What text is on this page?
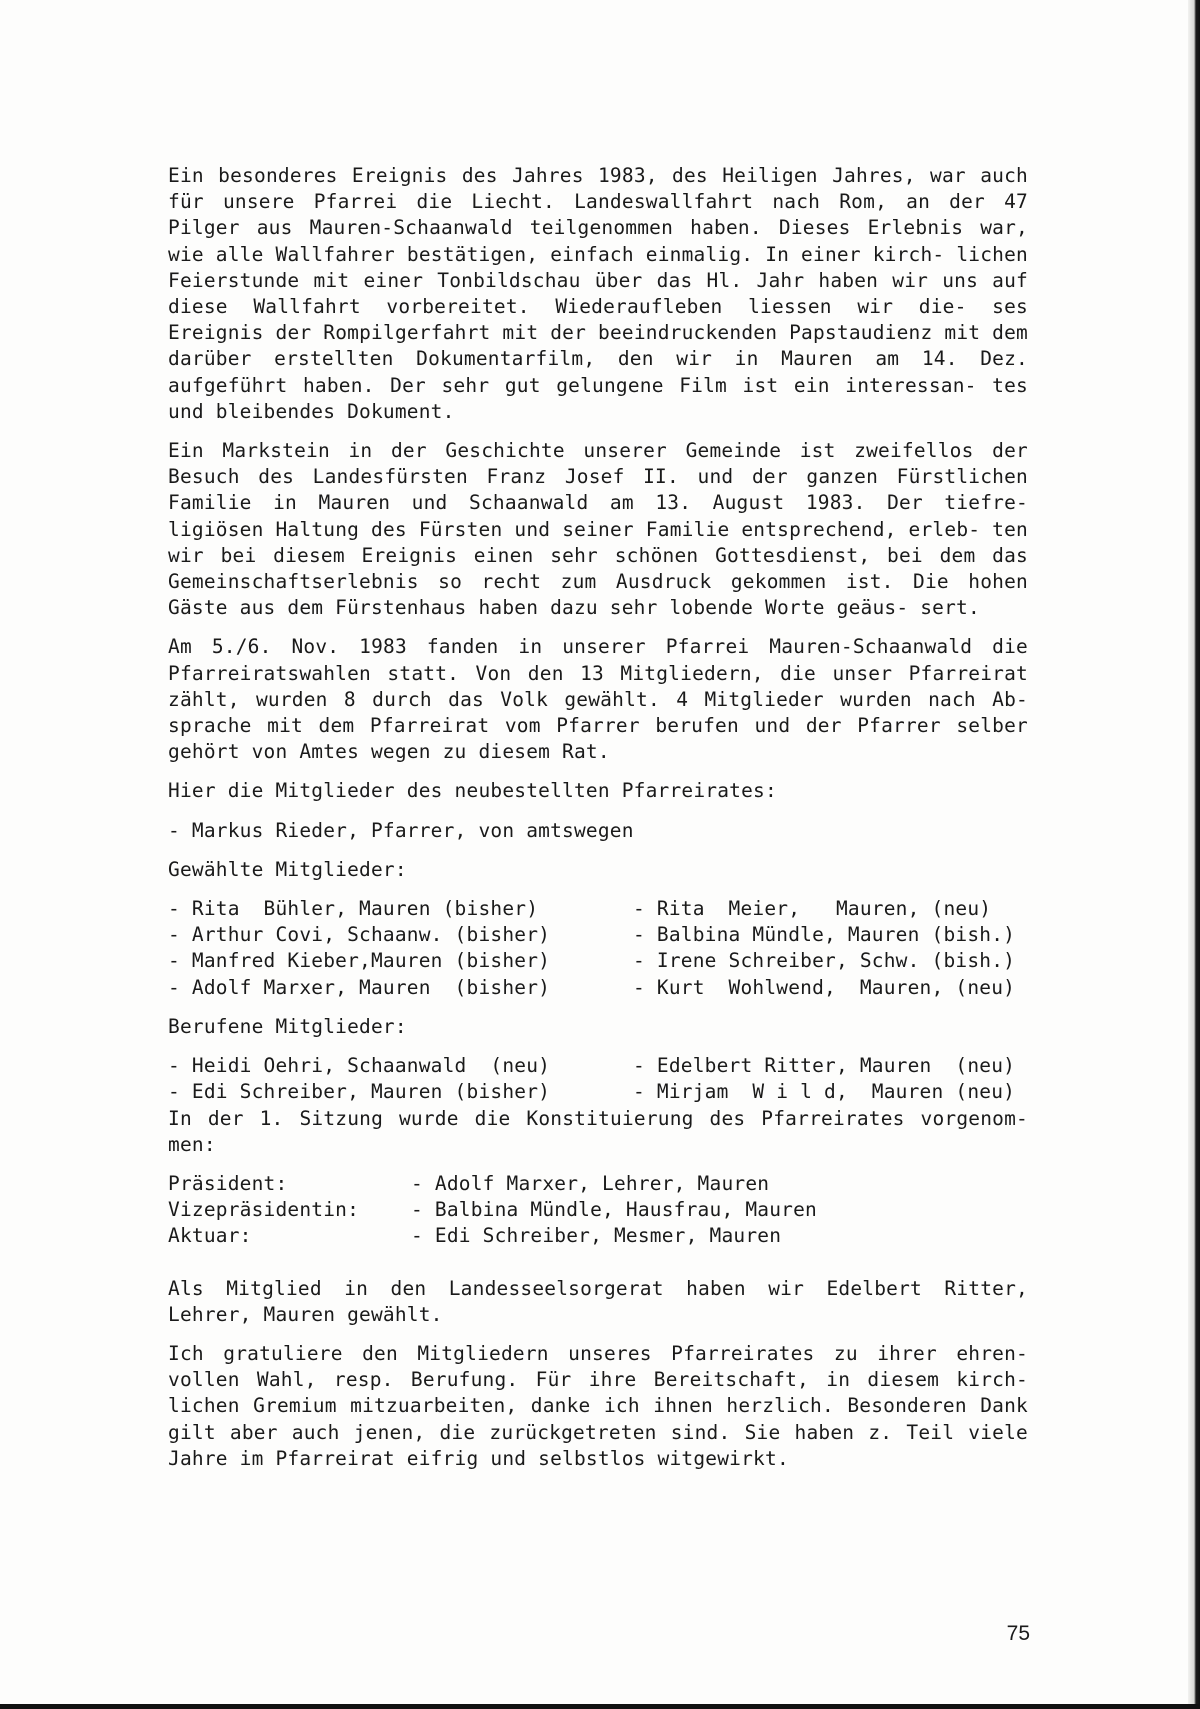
Ein besonderes Ereignis des Jahres 1983, des Heiligen Jahres, war auch für unsere Pfarrei die Liecht. Landeswallfahrt nach Rom, an der 47 Pilger aus Mauren-Schaanwald teilgenommen haben. Dieses Erlebnis war, wie alle Wallfahrer bestätigen, einfach einmalig. In einer kirch- lichen Feierstunde mit einer Tonbildschau über das Hl. Jahr haben wir uns auf diese Wallfahrt vorbereitet. Wiederaufleben liessen wir die- ses Ereignis der Rompilgerfahrt mit der beeindruckenden Papstaudienz mit dem darüber erstellten Dokumentarfilm, den wir in Mauren am 14. Dez. aufgeführt haben. Der sehr gut gelungene Film ist ein interessan- tes und bleibendes Dokument.

Ein Markstein in der Geschichte unserer Gemeinde ist zweifellos der Besuch des Landesfürsten Franz Josef II. und der ganzen Fürstlichen Familie in Mauren und Schaanwald am 13. August 1983. Der tiefre- ligiösen Haltung des Fürsten und seiner Familie entsprechend, erleb- ten wir bei diesem Ereignis einen sehr schönen Gottesdienst, bei dem das Gemeinschaftserlebnis so recht zum Ausdruck gekommen ist. Die hohen Gäste aus dem Fürstenhaus haben dazu sehr lobende Worte geäus- sert.

Am 5./6. Nov. 1983 fanden in unserer Pfarrei Mauren-Schaanwald die Pfarreiratswahlen statt. Von den 13 Mitgliedern, die unser Pfarreirat zählt, wurden 8 durch das Volk gewählt. 4 Mitglieder wurden nach Ab- sprache mit dem Pfarreirat vom Pfarrer berufen und der Pfarrer selber gehört von Amtes wegen zu diesem Rat.

Hier die Mitglieder des neubestellten Pfarreirates:

- Markus Rieder, Pfarrer, von amtswegen

Gewählte Mitglieder:

- Rita  Bühler, Mauren (bisher)	- Rita  Meier,   Mauren, (neu)
- Arthur Covi, Schaanw. (bisher)	- Balbina Mündle, Mauren (bish.)
- Manfred Kieber,Mauren (bisher)	- Irene Schreiber, Schw. (bish.)
- Adolf Marxer, Mauren  (bisher)	- Kurt  Wohlwend,  Mauren, (neu)

Berufene Mitglieder:

- Heidi Oehri, Schaanwald  (neu)	- Edelbert Ritter, Mauren  (neu)
- Edi Schreiber, Mauren (bisher)	- Mirjam  W i l d,  Mauren (neu)

In der 1. Sitzung wurde die Konstituierung des Pfarreirates vorgenom- men:

Präsident:	- Adolf Marxer, Lehrer, Mauren
Vizepräsidentin:	- Balbina Mündle, Hausfrau, Mauren
Aktuar:	- Edi Schreiber, Mesmer, Mauren

Als Mitglied in den Landesseelsorgerat haben wir Edelbert Ritter, Lehrer, Mauren gewählt.

Ich gratuliere den Mitgliedern unseres Pfarreirates zu ihrer ehren- vollen Wahl, resp. Berufung. Für ihre Bereitschaft, in diesem kirch- lichen Gremium mitzuarbeiten, danke ich ihnen herzlich. Besonderen Dank gilt aber auch jenen, die zurückgetreten sind. Sie haben z. Teil viele Jahre im Pfarreirat eifrig und selbstlos witgewirkt.

75
